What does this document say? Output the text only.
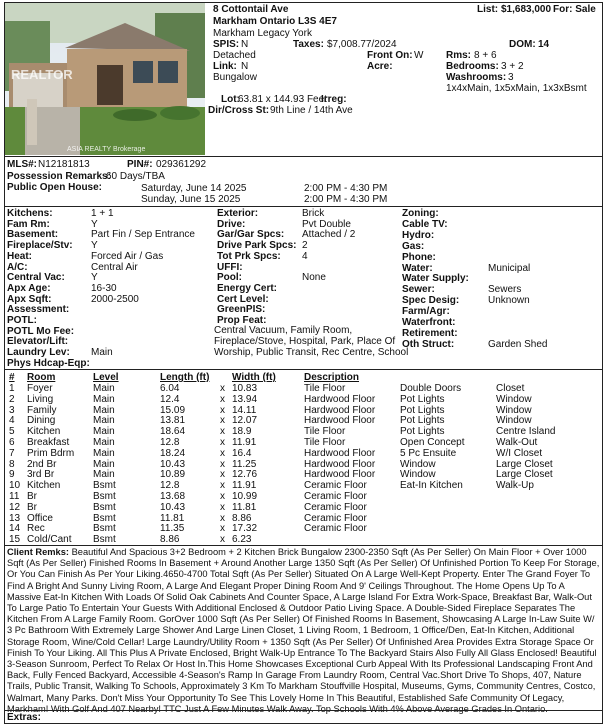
REALTOR
ASIA REALTY Brokerage
8 Cottontail Ave
Markham Ontario L3S 4E7
Markham Legacy York
List: $1,683,000 For: Sale
SPIS: N	Taxes: $7,008.77/2024	DOM: 14
Detached	Front On: W Rms: 8 + 6
Link: N	Acre:	Bedrooms: 3 + 2
Bungalow	Washrooms: 3
1x4xMain, 1x5xMain, 1x3xBsmt
Lot:
63.81 x 144.93 Feet
Irreg:
Dir/Cross St: 9th Line / 14th Ave
MLS#: N12181813	PIN#: 029361292
Possession Remarks:
60 Days/TBA
Public Open House:	Saturday, June 14 2025	2:00 PM - 4:30 PM
Sunday, June 15 2025	2:00 PM - 4:30 PM
Kitchens:	1 + 1
Fam Rm:	Y
Basement:	Part Fin / Sep Entrance
Fireplace/Stv: Y
Heat:	Forced Air / Gas
A/C:	Central Air
Central Vac:	Y
Apx Age:	16-30
Apx Sqft:	2000-2500
Assessment:
POTL:
POTL Mo Fee:
Elevator/Lift:
Laundry Lev: Main
Phys Hdcap-Eqp:
Exterior:	Brick
Drive:	Pvt Double
Gar/Gar Spcs: Attached / 2
Drive Park Spcs: 2
Tot Prk Spcs: 4
UFFI:
Pool:	None
Energy Cert:
Cert Level:
GreenPIS:
Prop Feat:
Central Vacuum, Family Room,
Fireplace/Stove, Hospital, Park, Place Of
Worship, Public Transit, Rec Centre, School
Zoning:
Cable TV:
Hydro:
Gas:
Phone:
Water:	Municipal
Water Supply:
Sewer:	Sewers
Spec Desig:	Unknown
Farm/Agr:
Waterfront:
Retirement:
Oth Struct:	Garden Shed
# Room	Level	Length (ft) Width (ft)	Description
1 Foyer	Main	6.04	x 10.83	Tile Floor	Double Doors	Closet
2 Living	Main	12.4	x 13.94	Hardwood Floor Pot Lights	Window
3 Family	Main	15.09	x 14.11	Hardwood Floor Pot Lights	Window
4 Dining	Main	13.81	x 12.07	Hardwood Floor Pot Lights	Window
5 Kitchen	Main	18.64	x 18.9	Tile Floor	Pot Lights	Centre Island
6 Breakfast Main	12.8	x 11.91	Tile Floor	Open Concept	Walk-Out
7 Prim Bdrm Main	18.24	x 16.4	Hardwood Floor 5 Pc Ensuite	W/I Closet
8 2nd Br	Main	10.43	x 11.25	Hardwood Floor Window	Large Closet
9 3rd Br	Main	10.89	x 12.76	Hardwood Floor Window	Large Closet
10 Kitchen	Bsmt	12.8	x 11.91	Ceramic Floor	Eat-In Kitchen	Walk-Up
11 Br	Bsmt	13.68	x 10.99	Ceramic Floor
12 Br	Bsmt	10.43	x 11.81	Ceramic Floor
13 Office	Bsmt	11.81	x 8.86	Ceramic Floor
14 Rec	Bsmt	11.35	x 17.32	Ceramic Floor
15 Cold/Cant Bsmt	8.86	x 6.23
Client Remks: Beautiful And Spacious 3+2 Bedroom + 2 Kitchen Brick Bungalow 2300-2350 Sqft (As Per Seller) On Main Floor + Over 1000 Sqft (As Per Seller) Finished Rooms In Basement + Around Another Large 1350 Sqft (As Per Seller) Of Unfinished Portion To Keep For Storage, Or You Can Finish As Per Your Liking.4650-4700 Total Sqft (As Per Seller) Situated On A Large Well-Kept Property. Enter The Grand Foyer To Find A Bright And Sunny Living Room, A Large And Elegant Proper Dining Room And 9' Ceilings Throughout. The Home Opens Up To A Massive Eat-In Kitchen With Loads Of Solid Oak Cabinets And Counter Space, A Large Island For Extra Work-Space, Breakfast Bar, Walk-Out To Large Patio To Entertain Your Guests With Additional Enclosed & Outdoor Patio Living Space. A Double-Sided Fireplace Separates The Kitchen From A Large Family Room. GorOver 1000 Sqft (As Per Seller) Of Finished Rooms In Basement, Showcasing A Large In-Law Suite W/ 3 Pc Bathroom With Extremely Large Shower And Large Linen Closet, 1 Living Room, 1 Bedroom, 1 Office/Den, Eat-In Kitchen, Additional Storage Room, Wine/Cold Cellar! Large Laundry/Utility Room + 1350 Sqft (As Per Seller) Of Unfinished Area Provides Extra Storage Space Or Finish To Your Liking. All This Plus A Private Enclosed, Bright Walk-Up Entrance To The Backyard Stairs Also Fully All Glass Enclosed! Beautiful 3-Season Sunroom, Perfect To Relax Or Host In.This Home Showcases Exceptional Curb Appeal With Its Professional Landscaping Front And Back, Fully Fenced Backyard, Accessible 4-Season's Ramp In Garage From Laundry Room, Central Vac.Short Drive To Shops, 407, Nature Trails, Public Transit, Walking To Schools, Approximately 3 Km To Markham Stouffville Hospital, Museums, Gyms, Community Centres, Costco, Walmart, Many Parks. Don't Miss Your Opportunity To See This Lovely Home In This Beautiful, Established Safe Community Of Legacy, Markham! With Golf And 407 Nearby! TTC Just A Few Minutes Walk Away. Top Schools With 4% Above Average Grades In Ontario.
Extras:
